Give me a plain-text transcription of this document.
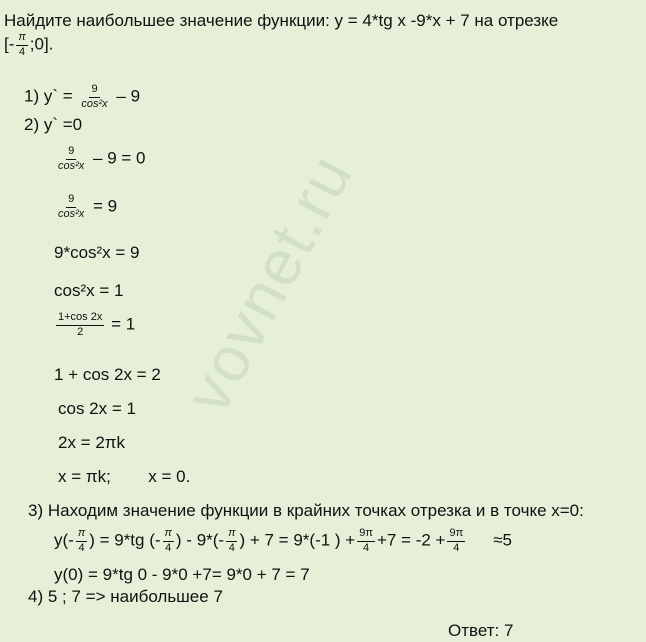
vovnet.ru
Найдите наибольшее значение функции: y = 4*tg x -9*x + 7 на отрезке
[- $\frac{\pi}{4}$ ;0].
1) y` = $\frac{9}{\text{cos²x}} - 9$
2) y` =0
$\frac{9}{\text{cos²x}} - 9 = 0$
$\frac{9}{\text{cos²x}} = 9$
9*cos²x = 9
cos²x = 1
$\frac{1+\cos 2x}{2} = 1$
1 + cos 2x = 2
cos 2x = 1
2x = 2πk
x = πk; x = 0.
3) Находим значение функции в крайних точках отрезка и в точке x=0:
$y(- \frac{\pi}{4}$ ) = 9*tg (- $\frac{\pi}{4}$ ) - $9*(- \frac{\pi}{4}$ ) + 7 = 9*(-1 ) + $\frac{9\pi}{4} +7 = -2 + \frac{9\pi}{4} \approx 5$
y(0) = 9*tg 0 - 9*0 +7= 9*0 + 7 = 7
4) 5 ; 7 => наибольшее 7
Ответ: 7
